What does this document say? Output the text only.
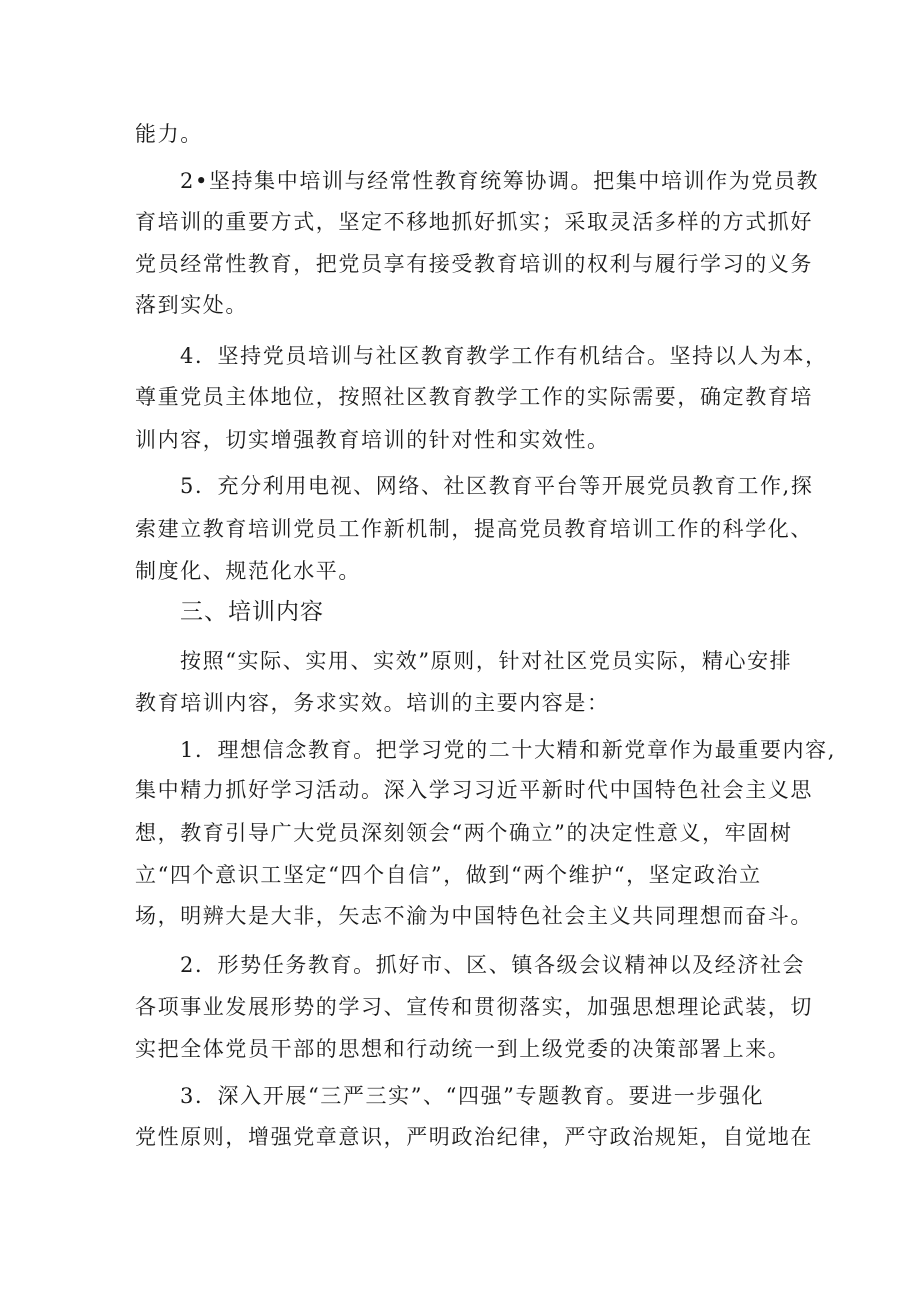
能力。
2•坚持集中培训与经常性教育统筹协调。把集中培训作为党员教
育培训的重要方式，坚定不移地抓好抓实；采取灵活多样的方式抓好
党员经常性教育，把党员享有接受教育培训的权利与履行学习的义务
落到实处。
4．坚持党员培训与社区教育教学工作有机结合。坚持以人为本，
尊重党员主体地位，按照社区教育教学工作的实际需要，确定教育培
训内容，切实增强教育培训的针对性和实效性。
5．充分利用电视、网络、社区教育平台等开展党员教育工作,探
索建立教育培训党员工作新机制，提高党员教育培训工作的科学化、
制度化、规范化水平。
三、培训内容
按照“实际、实用、实效”原则，针对社区党员实际，精心安排
教育培训内容，务求实效。培训的主要内容是：
1．理想信念教育。把学习党的二十大精和新党章作为最重要内容,
集中精力抓好学习活动。深入学习习近平新时代中国特色社会主义思
想，教育引导广大党员深刻领会“两个确立”的决定性意义，牢固树
立“四个意识工坚定“四个自信”，做到“两个维护“，坚定政治立
场，明辨大是大非，矢志不渝为中国特色社会主义共同理想而奋斗。
2．形势任务教育。抓好市、区、镇各级会议精神以及经济社会
各项事业发展形势的学习、宣传和贯彻落实，加强思想理论武装，切
实把全体党员干部的思想和行动统一到上级党委的决策部署上来。
3．深入开展“三严三实”、“四强”专题教育。要进一步强化
党性原则，增强党章意识，严明政治纪律，严守政治规矩，自觉地在
